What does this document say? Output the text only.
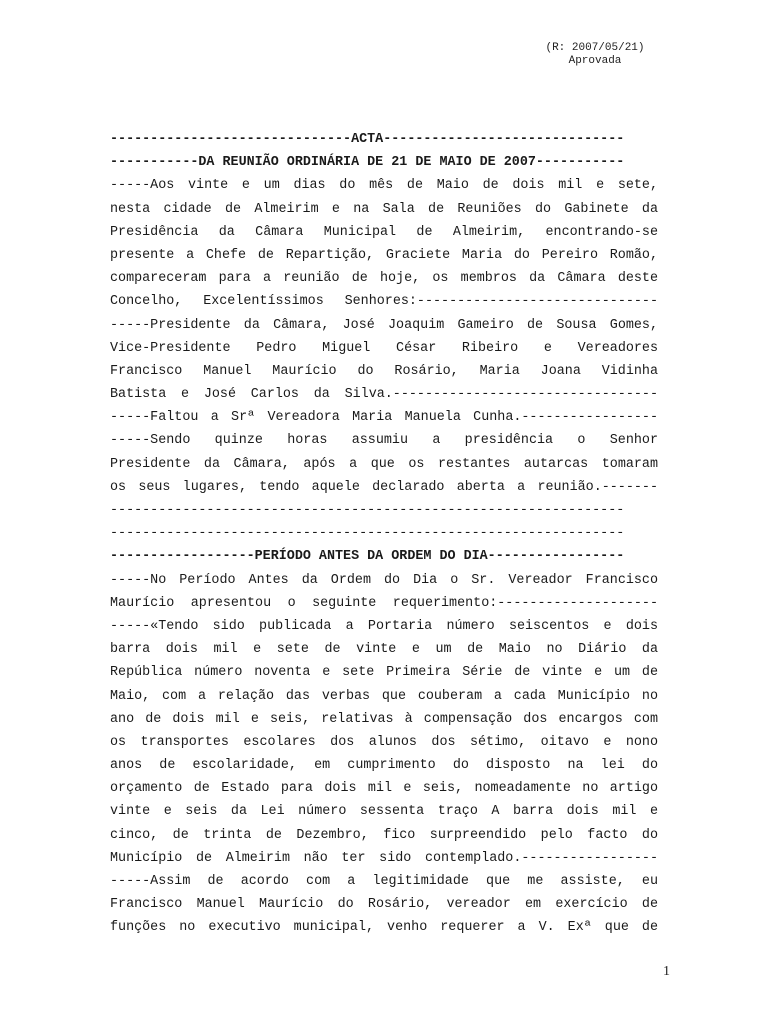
(R: 2007/05/21)
Aprovada
------------------------------ACTA------------------------------
-----------DA REUNIÃO ORDINÁRIA DE 21 DE MAIO DE 2007-----------
-----Aos vinte e um dias do mês de Maio de dois mil e sete,
nesta cidade de Almeirim e na Sala de Reuniões do Gabinete da
Presidência da Câmara Municipal de Almeirim, encontrando-se
presente a Chefe de Repartição, Graciete Maria do Pereiro Romão,
compareceram para a reunião de hoje, os membros da Câmara deste
Concelho, Excelentíssimos Senhores:------------------------------
-----Presidente da Câmara, José Joaquim Gameiro de Sousa Gomes,
Vice-Presidente Pedro Miguel César Ribeiro e Vereadores
Francisco Manuel Maurício do Rosário, Maria Joana Vidinha
Batista e José Carlos da Silva.---------------------------------
-----Faltou a Srª Vereadora Maria Manuela Cunha.-----------------
-----Sendo quinze horas assumiu a presidência o Senhor
Presidente da Câmara, após a que os restantes autarcas tomaram
os seus lugares, tendo aquele declarado aberta a reunião.-------
----------------------------------------------------------------
----------------------------------------------------------------
------------------PERÍODO ANTES DA ORDEM DO DIA-----------------
-----No Período Antes da Ordem do Dia o Sr. Vereador Francisco
Maurício apresentou o seguinte requerimento:--------------------
-----«Tendo sido publicada a Portaria número seiscentos e dois
barra dois mil e sete de vinte e um de Maio no Diário da
República número noventa e sete Primeira Série de vinte e um de
Maio, com a relação das verbas que couberam a cada Município no
ano de dois mil e seis, relativas à compensação dos encargos com
os transportes escolares dos alunos dos sétimo, oitavo e nono
anos de escolaridade, em cumprimento do disposto na lei do
orçamento de Estado para dois mil e seis, nomeadamente no artigo
vinte e seis da Lei número sessenta traço A barra dois mil e
cinco, de trinta de Dezembro, fico surpreendido pelo facto do
Município de Almeirim não ter sido contemplado.-----------------
-----Assim de acordo com a legitimidade que me assiste, eu
Francisco Manuel Maurício do Rosário, vereador em exercício de
funções no executivo municipal, venho requerer a V. Exª que de
1
